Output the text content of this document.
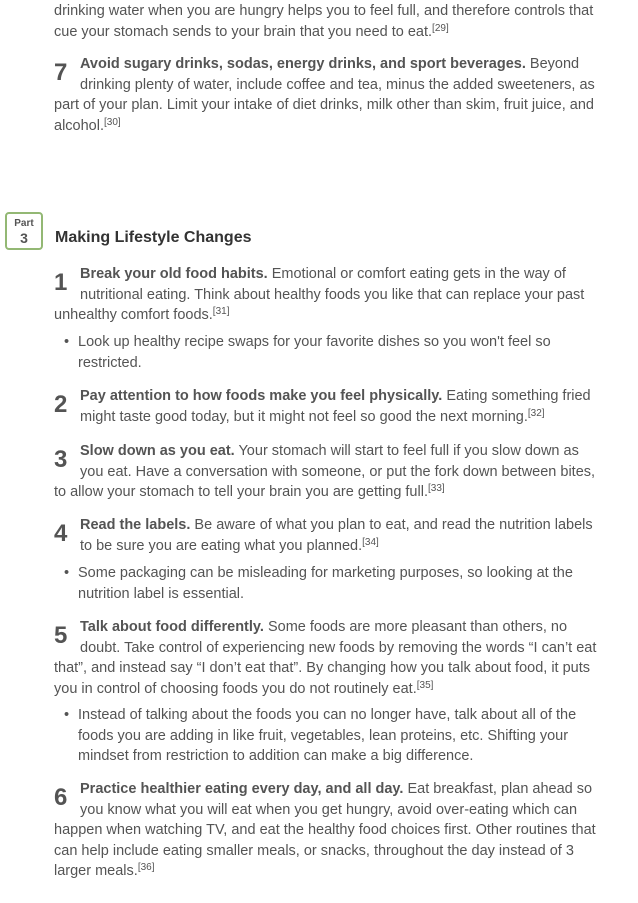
drinking water when you are hungry helps you to feel full, and therefore controls that cue your stomach sends to your brain that you need to eat.[29]
7 Avoid sugary drinks, sodas, energy drinks, and sport beverages. Beyond drinking plenty of water, include coffee and tea, minus the added sweeteners, as part of your plan. Limit your intake of diet drinks, milk other than skim, fruit juice, and alcohol.[30]
Part
3	Making Lifestyle Changes
1 Break your old food habits. Emotional or comfort eating gets in the way of nutritional eating. Think about healthy foods you like that can replace your past unhealthy comfort foods.[31]
• Look up healthy recipe swaps for your favorite dishes so you won't feel so restricted.
2 Pay attention to how foods make you feel physically. Eating something fried might taste good today, but it might not feel so good the next morning.[32]
3 Slow down as you eat. Your stomach will start to feel full if you slow down as you eat. Have a conversation with someone, or put the fork down between bites, to allow your stomach to tell your brain you are getting full.[33]
4 Read the labels. Be aware of what you plan to eat, and read the nutrition labels to be sure you are eating what you planned.[34]
• Some packaging can be misleading for marketing purposes, so looking at the nutrition label is essential.
5 Talk about food differently. Some foods are more pleasant than others, no doubt. Take control of experiencing new foods by removing the words “I can’t eat that”, and instead say “I don’t eat that”. By changing how you talk about food, it puts you in control of choosing foods you do not routinely eat.[35]
• Instead of talking about the foods you can no longer have, talk about all of the foods you are adding in like fruit, vegetables, lean proteins, etc. Shifting your mindset from restriction to addition can make a big difference.
6 Practice healthier eating every day, and all day. Eat breakfast, plan ahead so you know what you will eat when you get hungry, avoid over-eating which can happen when watching TV, and eat the healthy food choices first. Other routines that can help include eating smaller meals, or snacks, throughout the day instead of 3 larger meals.[36]
